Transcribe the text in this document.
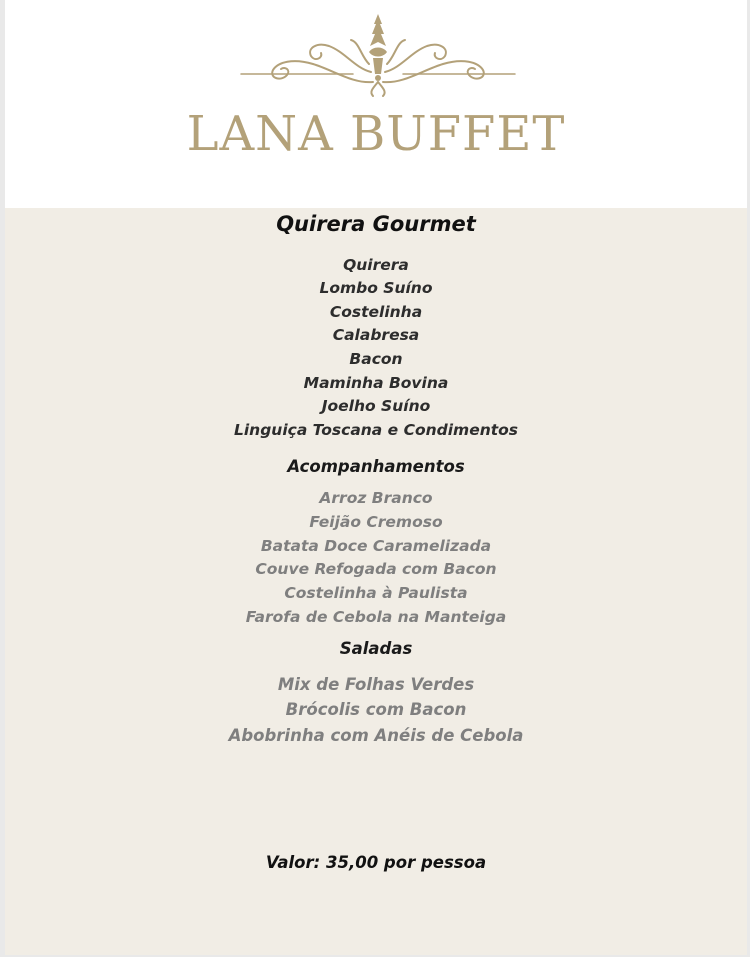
LANA BUFFET
Quirera Gourmet
Quirera
Lombo Suíno
Costelinha
Calabresa
Bacon
Maminha Bovina
Joelho Suíno
Linguiça Toscana e Condimentos
Acompanhamentos
Arroz Branco
Feijão Cremoso
Batata Doce Caramelizada
Couve Refogada com Bacon
Costelinha à Paulista
Farofa de Cebola na Manteiga
Saladas
Mix de Folhas Verdes
Brócolis com Bacon
Abobrinha com Anéis de Cebola
Valor: 35,00 por pessoa
